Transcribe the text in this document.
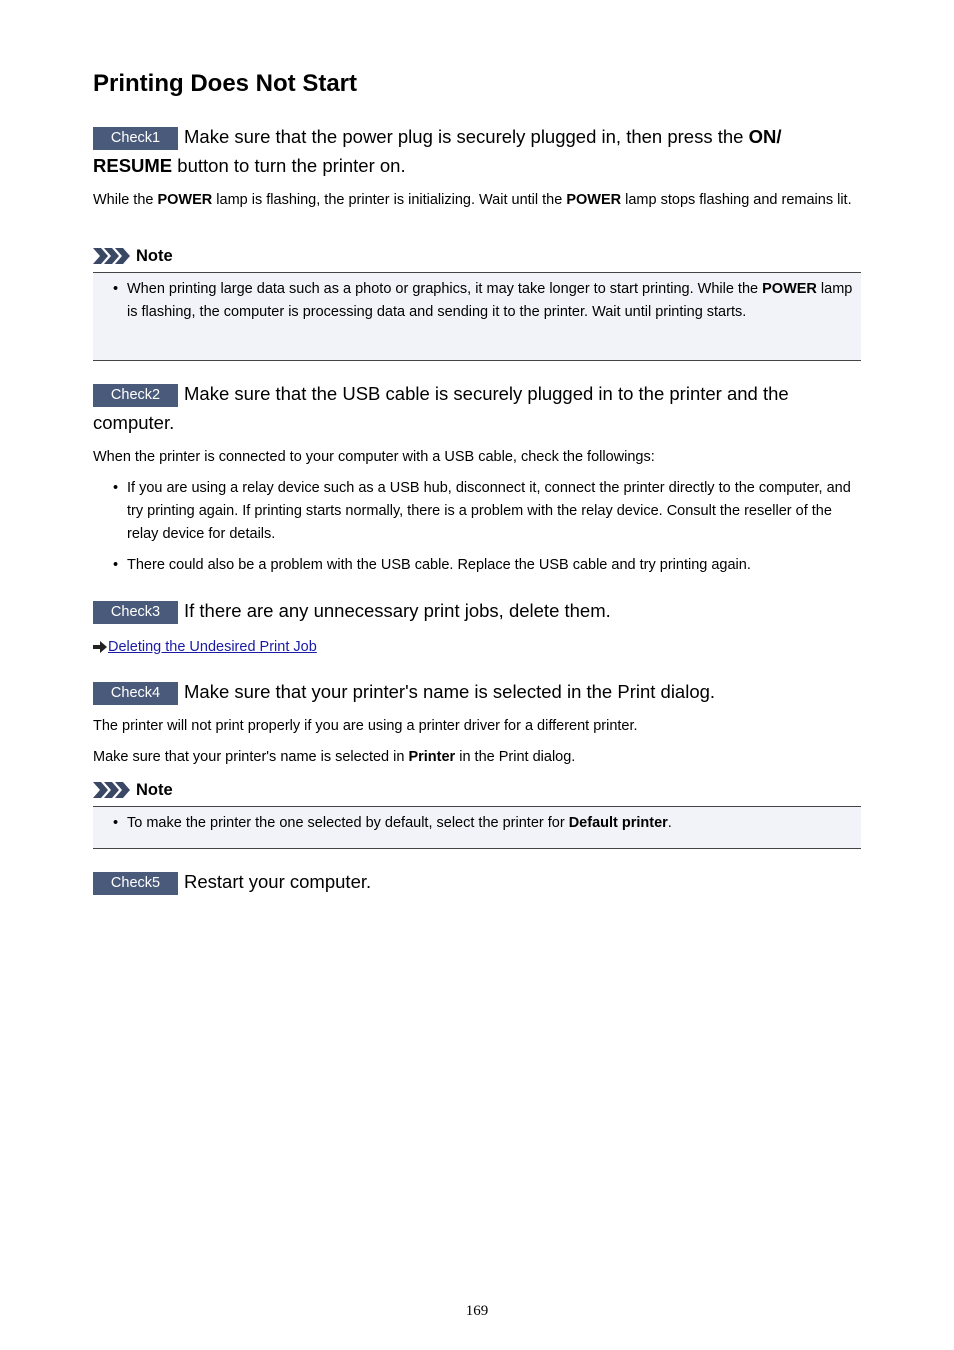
Printing Does Not Start
Check1 Make sure that the power plug is securely plugged in, then press the ON/ RESUME button to turn the printer on.
While the POWER lamp is flashing, the printer is initializing. Wait until the POWER lamp stops flashing and remains lit.
Note
• When printing large data such as a photo or graphics, it may take longer to start printing. While the POWER lamp is flashing, the computer is processing data and sending it to the printer. Wait until printing starts.
Check2 Make sure that the USB cable is securely plugged in to the printer and the computer.
When the printer is connected to your computer with a USB cable, check the followings:
• If you are using a relay device such as a USB hub, disconnect it, connect the printer directly to the computer, and try printing again. If printing starts normally, there is a problem with the relay device. Consult the reseller of the relay device for details.
• There could also be a problem with the USB cable. Replace the USB cable and try printing again.
Check3 If there are any unnecessary print jobs, delete them.
Deleting the Undesired Print Job
Check4 Make sure that your printer's name is selected in the Print dialog.
The printer will not print properly if you are using a printer driver for a different printer.
Make sure that your printer's name is selected in Printer in the Print dialog.
Note
• To make the printer the one selected by default, select the printer for Default printer.
Check5 Restart your computer.
169
